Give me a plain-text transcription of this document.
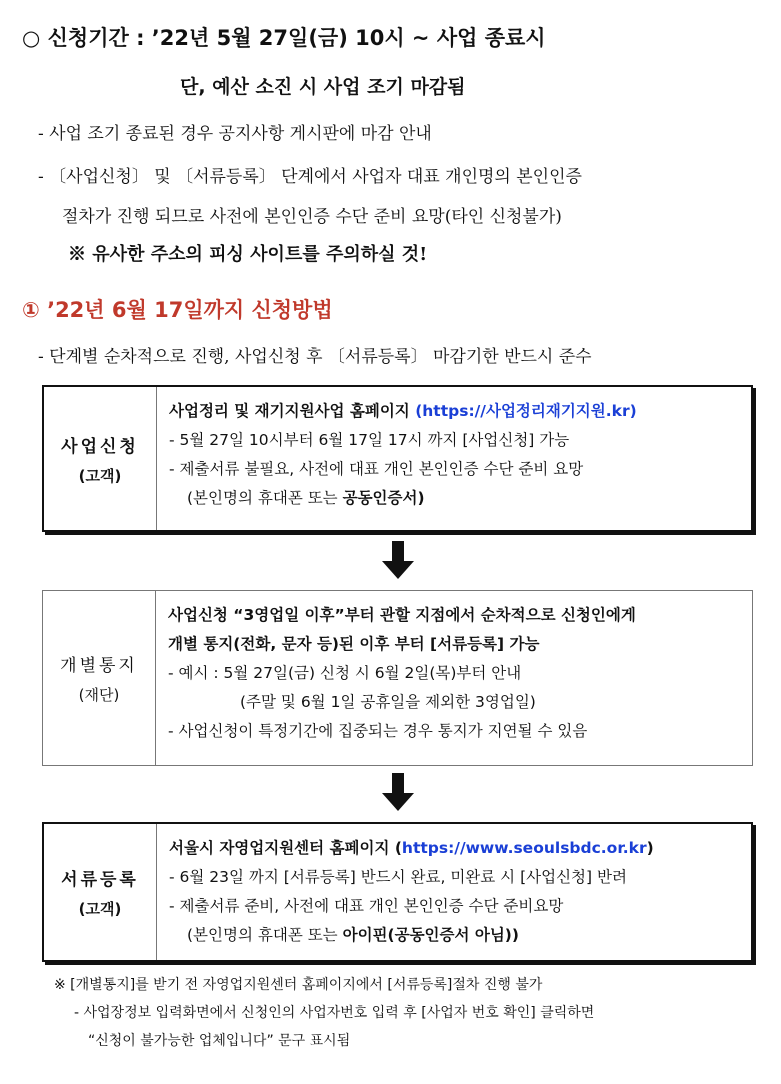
○ 신청기간 : ’22년 5월 27일(금) 10시 ~ 사업 종료시
단, 예산 소진 시 사업 조기 마감됨
- 사업 조기 종료된 경우 공지사항 게시판에 마감 안내
- 〔사업신청〕 및 〔서류등록〕 단계에서 사업자 대표 개인명의 본인인증
절차가 진행 되므로 사전에 본인인증 수단 준비 요망(타인 신청불가)
※ 유사한 주소의 피싱 사이트를 주의하실 것!
① ’22년 6월 17일까지 신청방법
- 단계별 순차적으로 진행, 사업신청 후 〔서류등록〕 마감기한 반드시 준수
사업신청
(고객)
사업정리 및 재기지원사업 홈페이지 (https://사업정리재기지원.kr)
- 5월 27일 10시부터 6월 17일 17시 까지 [사업신청] 가능
- 제출서류 불필요, 사전에 대표 개인 본인인증 수단 준비 요망
(본인명의 휴대폰 또는 공동인증서)
개별통지
(재단)
사업신청 “3영업일 이후”부터 관할 지점에서 순차적으로 신청인에게
개별 통지(전화, 문자 등)된 이후 부터 [서류등록] 가능
- 예시 : 5월 27일(금) 신청 시 6월 2일(목)부터 안내
(주말 및 6월 1일 공휴일을 제외한 3영업일)
- 사업신청이 특정기간에 집중되는 경우 통지가 지연될 수 있음
서류등록
(고객)
서울시 자영업지원센터 홈페이지 (https://www.seoulsbdc.or.kr)
- 6월 23일 까지 [서류등록] 반드시 완료, 미완료 시 [사업신청] 반려
- 제출서류 준비, 사전에 대표 개인 본인인증 수단 준비요망
(본인명의 휴대폰 또는 아이핀(공동인증서 아님))
※ [개별통지]를 받기 전 자영업지원센터 홈페이지에서 [서류등록]절차 진행 불가
- 사업장정보 입력화면에서 신청인의 사업자번호 입력 후 [사업자 번호 확인] 클릭하면
“신청이 불가능한 업체입니다” 문구 표시됨
